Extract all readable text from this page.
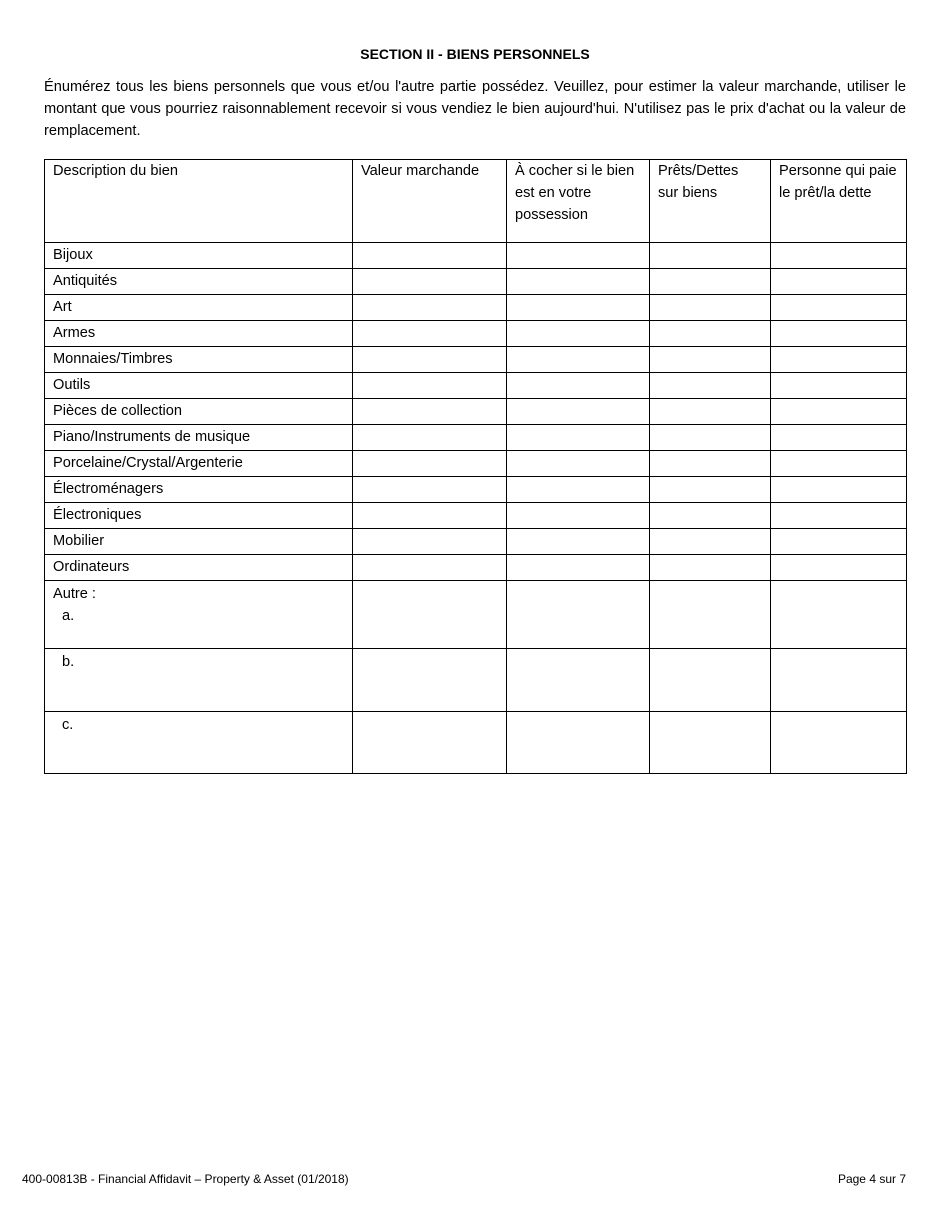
SECTION II - BIENS PERSONNELS
Énumérez tous les biens personnels que vous et/ou l'autre partie possédez. Veuillez, pour estimer la valeur marchande, utiliser le montant que vous pourriez raisonnablement recevoir si vous vendiez le bien aujourd'hui. N'utilisez pas le prix d'achat ou la valeur de remplacement.
Description du bien	Valeur marchande	À cocher si le bien est en votre possession	Prêts/Dettes sur biens	Personne qui paie le prêt/la dette
Bijoux				
Antiquités				
Art				
Armes				
Monnaies/Timbres				
Outils				
Pièces de collection				
Piano/Instruments de musique				
Porcelaine/Crystal/Argenterie				
Électroménagers				
Électroniques				
Mobilier				
Ordinateurs				

Autre :
a.				

b.				

c.				

400-00813B - Financial Affidavit – Property & Asset (01/2018)	Page 4 sur 7
